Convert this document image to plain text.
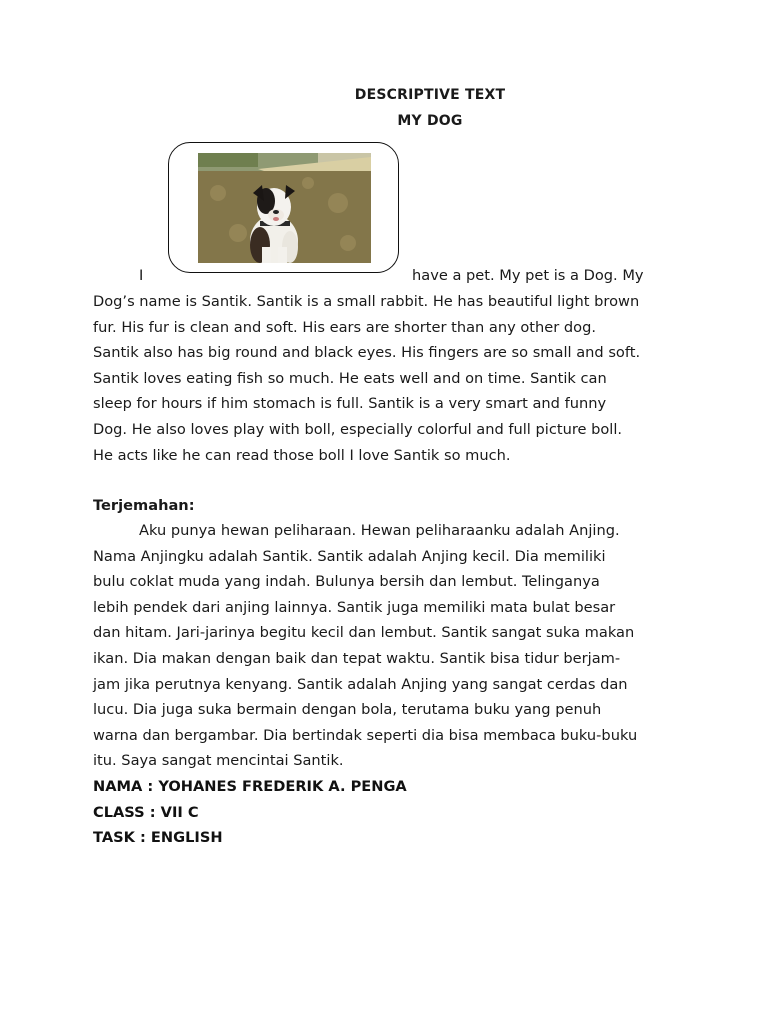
DESCRIPTIVE TEXT
MY DOG
I	have a pet. My pet is a Dog. My
Dog’s name is Santik. Santik is a small rabbit. He has beautiful light brown
fur. His fur is clean and soft. His ears are shorter than any other dog.
Santik also has big round and black eyes. His fingers are so small and soft.
Santik loves eating fish so much. He eats well and on time. Santik can
sleep for hours if him stomach is full. Santik is a very smart and funny
Dog. He also loves play with boll, especially colorful and full picture boll.
He acts like he can read those boll I love Santik so much.
Terjemahan:
Aku punya hewan peliharaan. Hewan peliharaanku adalah Anjing.
Nama Anjingku adalah Santik. Santik adalah Anjing kecil. Dia memiliki
bulu coklat muda yang indah. Bulunya bersih dan lembut. Telinganya
lebih pendek dari anjing lainnya. Santik juga memiliki mata bulat besar
dan hitam. Jari-jarinya begitu kecil dan lembut. Santik sangat suka makan
ikan. Dia makan dengan baik dan tepat waktu. Santik bisa tidur berjam-
jam jika perutnya kenyang. Santik adalah Anjing yang sangat cerdas dan
lucu. Dia juga suka bermain dengan bola, terutama buku yang penuh
warna dan bergambar. Dia bertindak seperti dia bisa membaca buku-buku
itu. Saya sangat mencintai Santik.
NAMA : YOHANES FREDERIK A. PENGA
CLASS : VII C
TASK : ENGLISH
